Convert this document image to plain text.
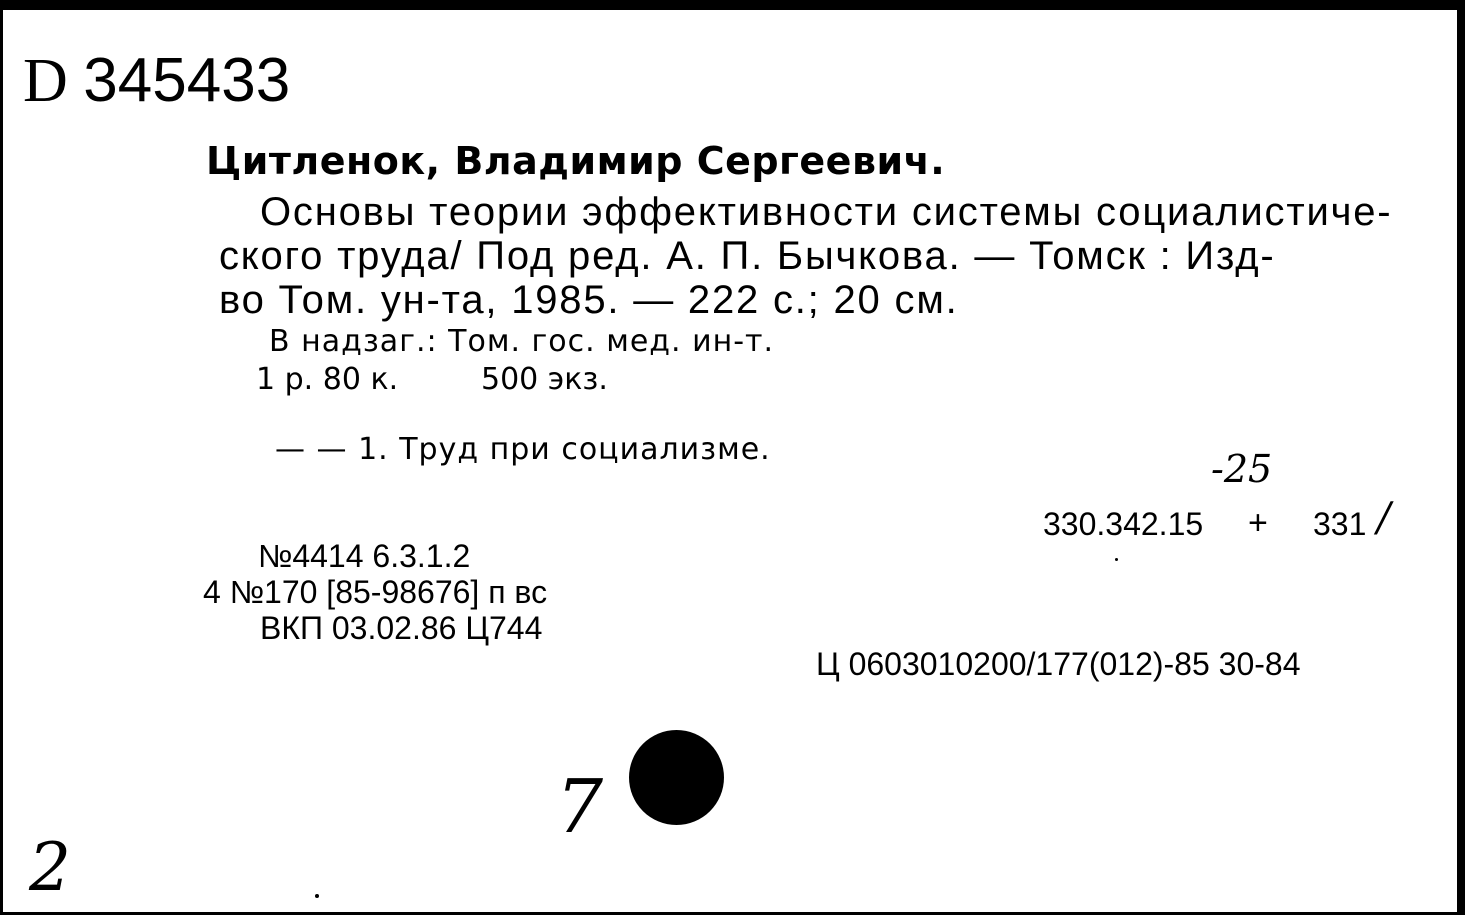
D 345433
Цитленок, Владимир Сергеевич.
Основы теории эффективности системы социалистиче-
ского труда/ Под ред. А. П. Бычкова. — Томск : Изд-
во Том. ун-та, 1985. — 222 с.; 20 см.
В надзаг.: Том. гос. мед. ин-т.
1 р. 80 к.	500 экз.
— — 1. Труд при социализме.	-25
330.342.15 + 331 /
№4414 6.3.1.2
4 №170 [85-98676] п вс
ВКП 03.02.86 Ц744
Ц 0603010200/177(012)-85 30-84
7
2
